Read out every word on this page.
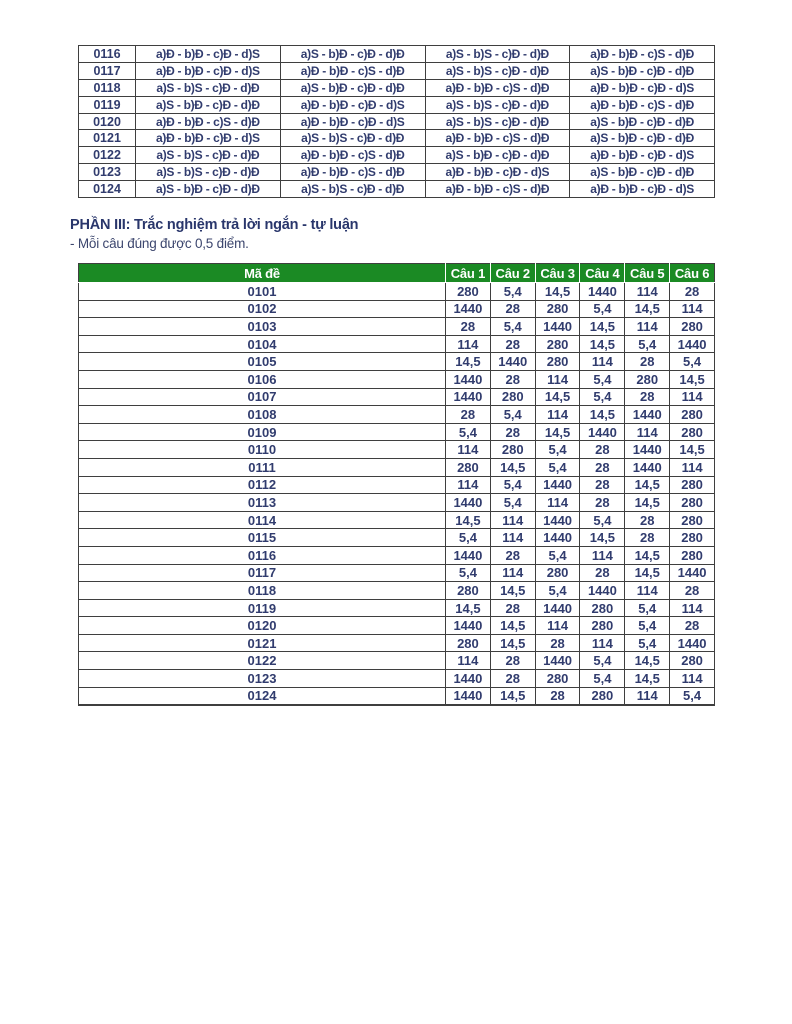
0116	a)Đ - b)Đ - c)Đ - d)S	a)S - b)Đ - c)Đ - d)Đ	a)S - b)S - c)Đ - d)Đ	a)Đ - b)Đ - c)S - d)Đ
0117	a)Đ - b)Đ - c)Đ - d)S	a)Đ - b)Đ - c)S - d)Đ	a)S - b)S - c)Đ - d)Đ	a)S - b)Đ - c)Đ - d)Đ
0118	a)S - b)S - c)Đ - d)Đ	a)S - b)Đ - c)Đ - d)Đ	a)Đ - b)Đ - c)S - d)Đ	a)Đ - b)Đ - c)Đ - d)S
0119	a)S - b)Đ - c)Đ - d)Đ	a)Đ - b)Đ - c)Đ - d)S	a)S - b)S - c)Đ - d)Đ	a)Đ - b)Đ - c)S - d)Đ
0120	a)Đ - b)Đ - c)S - d)Đ	a)Đ - b)Đ - c)Đ - d)S	a)S - b)S - c)Đ - d)Đ	a)S - b)Đ - c)Đ - d)Đ
0121	a)Đ - b)Đ - c)Đ - d)S	a)S - b)S - c)Đ - d)Đ	a)Đ - b)Đ - c)S - d)Đ	a)S - b)Đ - c)Đ - d)Đ
0122	a)S - b)S - c)Đ - d)Đ	a)Đ - b)Đ - c)S - d)Đ	a)S - b)Đ - c)Đ - d)Đ	a)Đ - b)Đ - c)Đ - d)S
0123	a)S - b)S - c)Đ - d)Đ	a)Đ - b)Đ - c)S - d)Đ	a)Đ - b)Đ - c)Đ - d)S	a)S - b)Đ - c)Đ - d)Đ
0124	a)S - b)Đ - c)Đ - d)Đ	a)S - b)S - c)Đ - d)Đ	a)Đ - b)Đ - c)S - d)Đ	a)Đ - b)Đ - c)Đ - d)S
PHẦN III: Trắc nghiệm trả lời ngắn - tự luận
- Mỗi câu đúng được 0,5 điểm.
Mã đề	Câu 1	Câu 2	Câu 3	Câu 4	Câu 5	Câu 6
0101	280	5,4	14,5	1440	114	28
0102	1440	28	280	5,4	14,5	114
0103	28	5,4	1440	14,5	114	280
0104	114	28	280	14,5	5,4	1440
0105	14,5	1440	280	114	28	5,4
0106	1440	28	114	5,4	280	14,5
0107	1440	280	14,5	5,4	28	114
0108	28	5,4	114	14,5	1440	280
0109	5,4	28	14,5	1440	114	280
0110	114	280	5,4	28	1440	14,5
0111	280	14,5	5,4	28	1440	114
0112	114	5,4	1440	28	14,5	280
0113	1440	5,4	114	28	14,5	280
0114	14,5	114	1440	5,4	28	280
0115	5,4	114	1440	14,5	28	280
0116	1440	28	5,4	114	14,5	280
0117	5,4	114	280	28	14,5	1440
0118	280	14,5	5,4	1440	114	28
0119	14,5	28	1440	280	5,4	114
0120	1440	14,5	114	280	5,4	28
0121	280	14,5	28	114	5,4	1440
0122	114	28	1440	5,4	14,5	280
0123	1440	28	280	5,4	14,5	114
0124	1440	14,5	28	280	114	5,4
